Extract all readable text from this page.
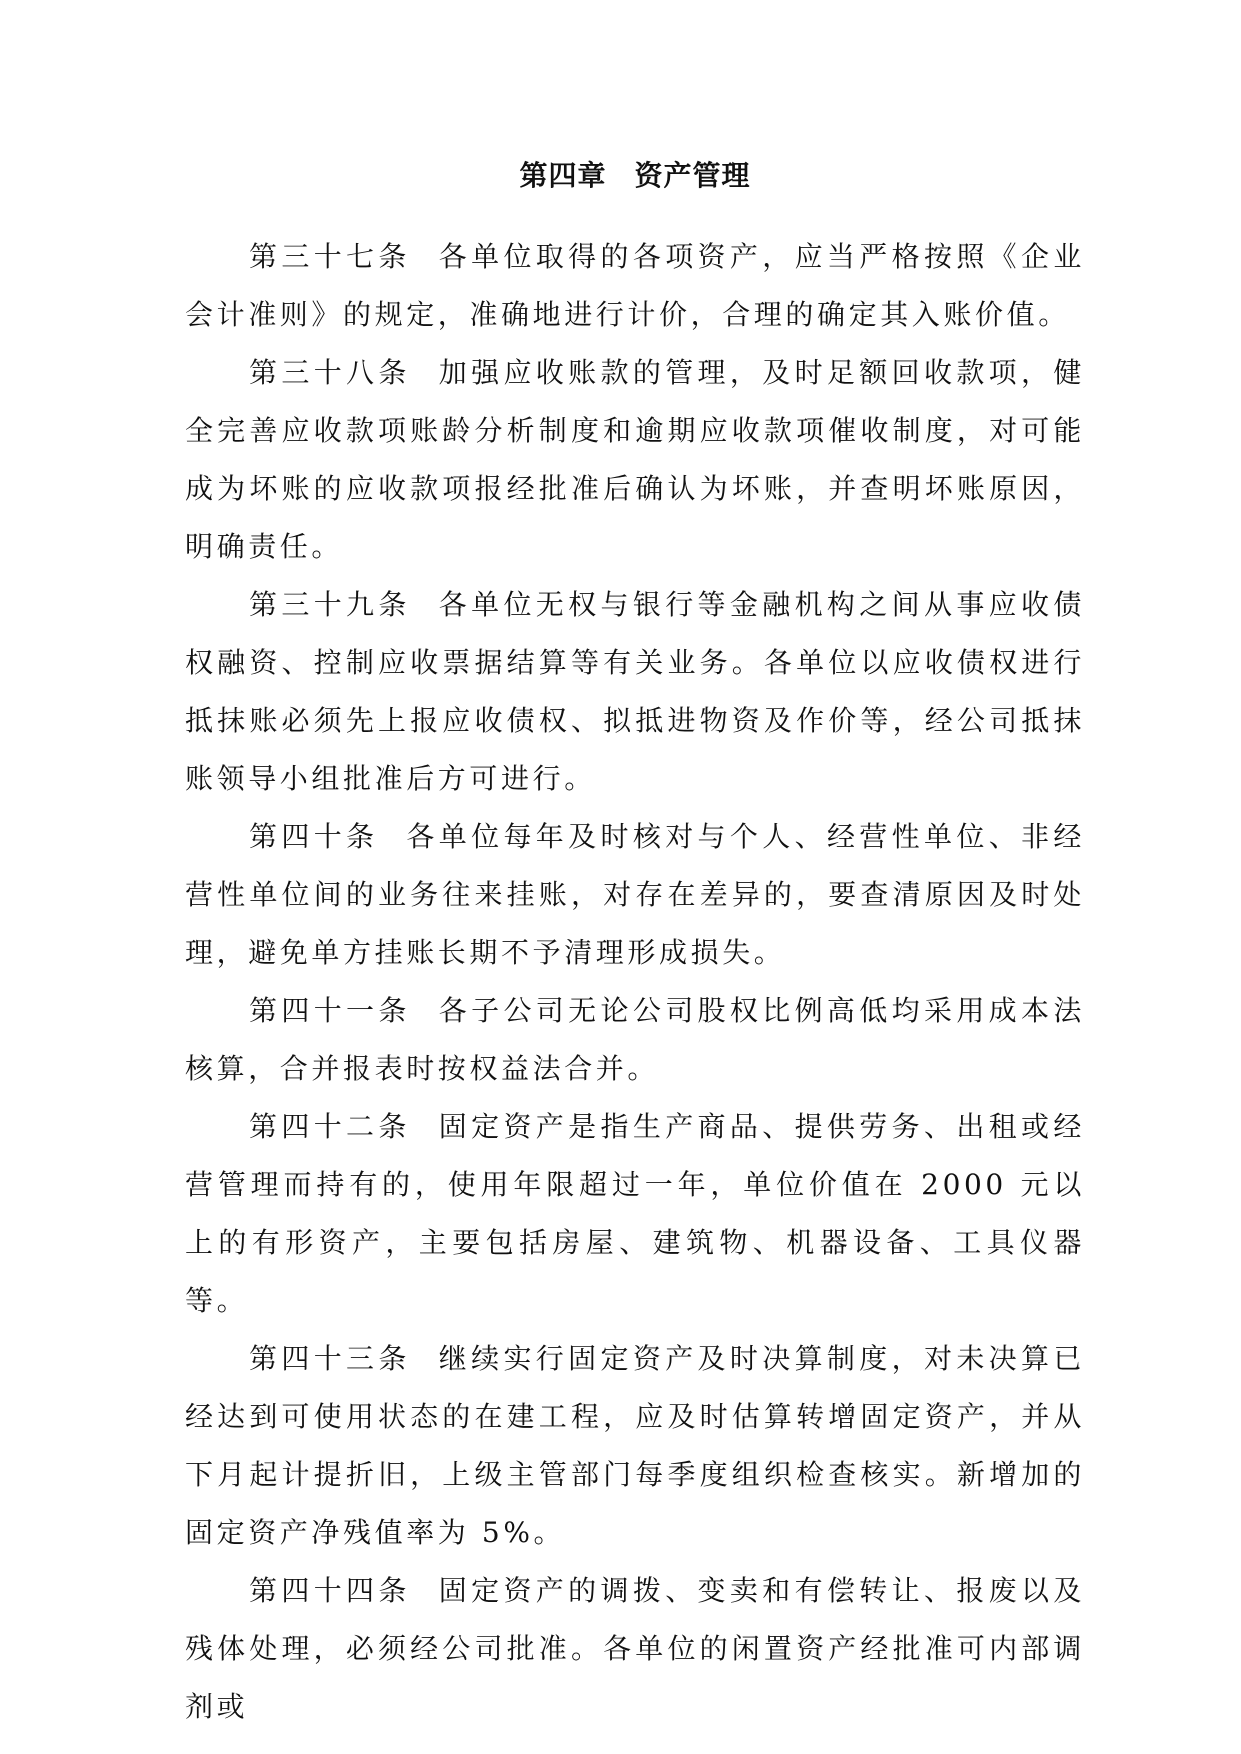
第四章 资产管理

第三十七条 各单位取得的各项资产，应当严格按照《企业会计准则》的规定，准确地进行计价，合理的确定其入账价值。

第三十八条 加强应收账款的管理，及时足额回收款项，健全完善应收款项账龄分析制度和逾期应收款项催收制度，对可能成为坏账的应收款项报经批准后确认为坏账，并查明坏账原因，明确责任。

第三十九条 各单位无权与银行等金融机构之间从事应收债权融资、控制应收票据结算等有关业务。各单位以应收债权进行抵抹账必须先上报应收债权、拟抵进物资及作价等，经公司抵抹账领导小组批准后方可进行。

第四十条 各单位每年及时核对与个人、经营性单位、非经营性单位间的业务往来挂账，对存在差异的，要查清原因及时处理，避免单方挂账长期不予清理形成损失。

第四十一条 各子公司无论公司股权比例高低均采用成本法核算，合并报表时按权益法合并。

第四十二条 固定资产是指生产商品、提供劳务、出租或经营管理而持有的，使用年限超过一年，单位价值在 2000 元以上的有形资产，主要包括房屋、建筑物、机器设备、工具仪器等。

第四十三条 继续实行固定资产及时决算制度，对未决算已经达到可使用状态的在建工程，应及时估算转增固定资产，并从下月起计提折旧，上级主管部门每季度组织检查核实。新增加的固定资产净残值率为 5%。

第四十四条 固定资产的调拨、变卖和有偿转让、报废以及残体处理，必须经公司批准。各单位的闲置资产经批准可内部调剂或
